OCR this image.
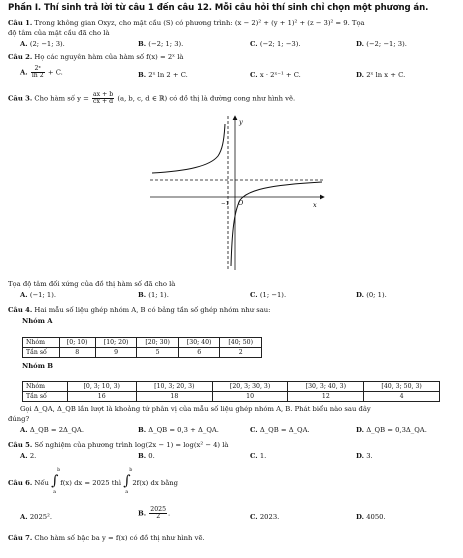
Phần I. Thí sinh trả lời từ câu 1 đến câu 12. Mỗi câu hỏi thí sinh chỉ chọn một phương án.
Câu 1. Trong không gian Oxyz, cho mặt cầu (S) có phương trình: (x − 2)² + (y + 1)² + (z − 3)² = 9. Tọa
độ tâm của mặt cầu đã cho là
A. (2; −1; 3).	B. (−2; 1; 3).	C. (−2; 1; −3).	D. (−2; −1; 3).
Câu 2. Họ các nguyên hàm của hàm số f(x) = 2ˣ là
A. $\frac{\text{2ˣ}}{\ln 2} + C$.	B. 2ˣ ln 2 + C.	C. x · 2ˣ⁻¹ + C.	D. 2ˣ ln x + C.
Câu 3. Cho hàm số $y = \frac{ax + b}{cx + d} (a$, b, c, d ∈ ℝ) có đồ thị là đường cong như hình vẽ.
y
x
O
−1
Tọa độ tâm đối xứng của đồ thị hàm số đã cho là
A. (−1; 1).	B. (1; 1).	C. (1; −1).	D. (0; 1).
Câu 4. Hai mẫu số liệu ghép nhóm A, B có bảng tần số ghép nhóm như sau:
Nhóm A
Nhóm	[0; 10)	[10; 20)	[20; 30)	[30; 40)	[40; 50)
Tần số	8	9	5	6	2
Nhóm B
Nhóm	[0, 3; 10, 3)	[10, 3; 20, 3)	[20, 3; 30, 3)	[30, 3; 40, 3)	[40, 3; 50, 3)
Tần số	16	18	10	12	4
Gọi Δ_QA, Δ_QB lần lượt là khoảng tứ phân vị của mẫu số liệu ghép nhóm A, B. Phát biểu nào sau đây
đúng?
A. Δ_QB = 2Δ_QA.	B. Δ_QB = 0,3 + Δ_QA.	C. Δ_QB = Δ_QA.	D. Δ_QB = 0,3Δ_QA.
Câu 5. Số nghiệm của phương trình log(2x − 1) = log(x² − 4) là
A. 2.	B. 0.	C. 1.	D. 3.
Câu 6. Nếu ∫
b
a
f(x) dx = 2025 thì ∫
b
a
2f(x) dx bằng
A. 2025².	B. $\frac{2025}{2}$ .	C. 2023.	D. 4050.
Câu 7. Cho hàm số bậc ba y = f(x) có đồ thị như hình vẽ.
